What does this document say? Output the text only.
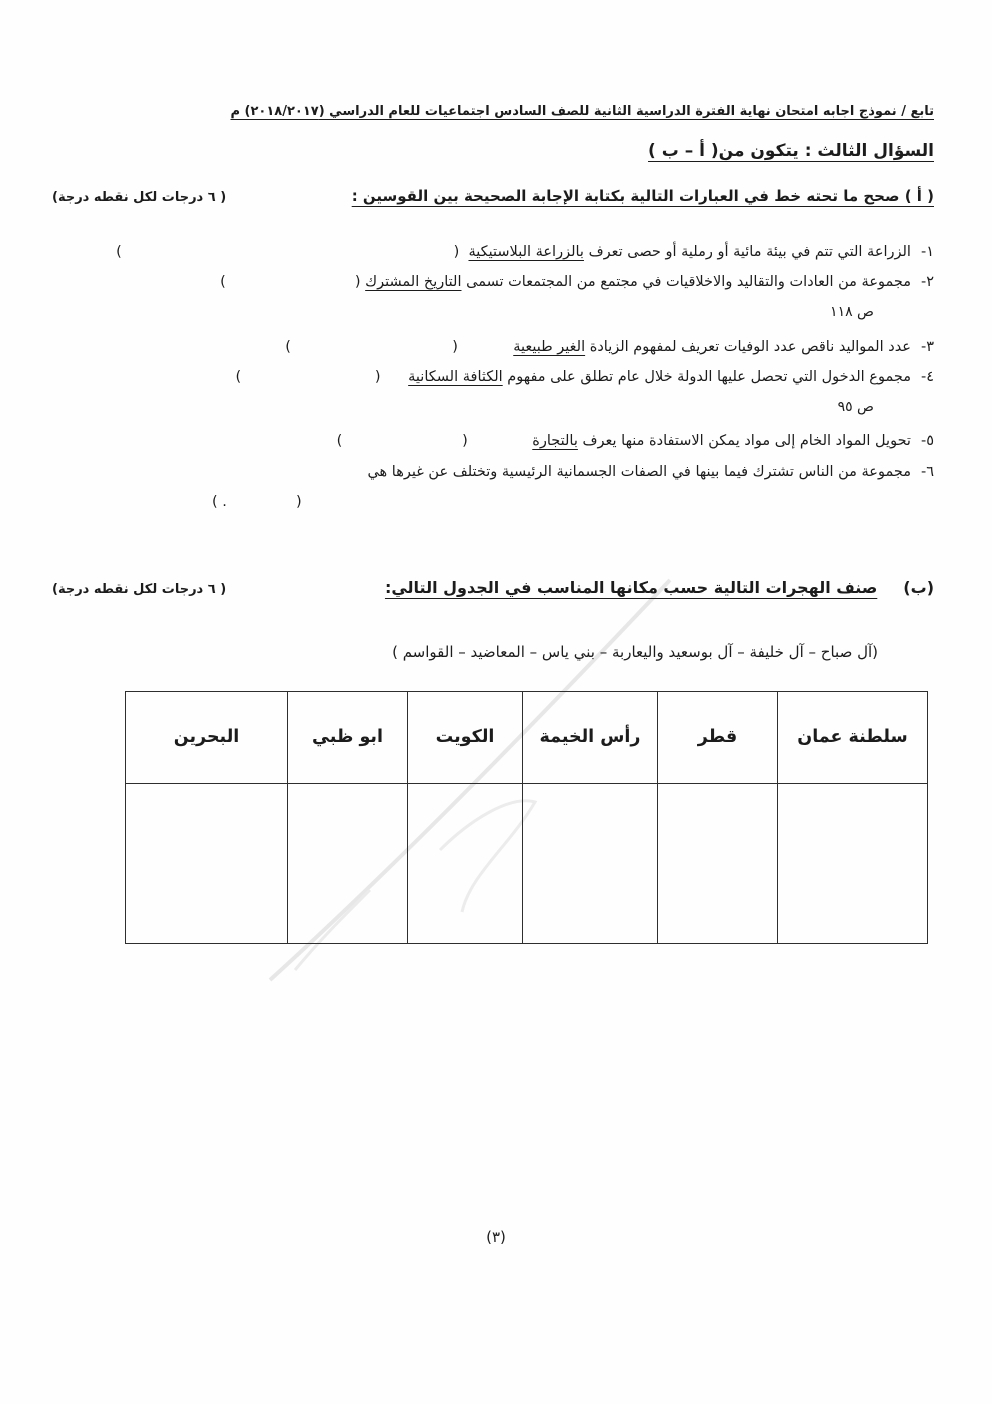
تابع / نموذج اجابه امتحان نهاية الفترة الدراسية الثانية للصف السادس اجتماعيات للعام الدراسي (٢٠١٨/٢٠١٧) م
السؤال الثالث : يتكون من( أ – ب )
( أ ) صحح ما تحته خط في العبارات التالية بكتابة الإجابة الصحيحة بين القوسين :
( ٦ درجات لكل نقطه درجة)
١-الزراعة التي تتم في بيئة مائية أو رملية أو حصى تعرف بالزراعة البلاستيكية  (                                                                        )
٢-مجموعة من العادات والتقاليد والاخلاقيات في مجتمع من المجتمعات تسمى التاريخ المشترك (                            )
ص ١١٨
٣-عدد المواليد ناقص عدد الوفيات تعريف لمفهوم الزيادة الغير طبيعية            (                                   )
٤-مجموع الدخول التي تحصل عليها الدولة خلال عام تطلق على مفهوم الكثافة السكانية      (                             )
ص ٩٥
٥-تحويل المواد الخام إلى مواد يمكن الاستفادة منها يعرف بالتجارة              (                          )
٦-مجموعة من الناس تشترك فيما بينها في الصفات الجسمانية الرئيسية وتختلف عن غيرها هي
(               . )
(ب)
صنف الهجرات التالية حسب مكانها المناسب في الجدول التالي:
( ٦ درجات لكل نقطه درجة)
(آل صباح – آل خليفة – آل بوسعيد واليعاربة – بني ياس – المعاضيد – القواسم )
سلطنة عمان	قطر	رأس الخيمة	الكويت	ابو ظبي	البحرين

(٣)
